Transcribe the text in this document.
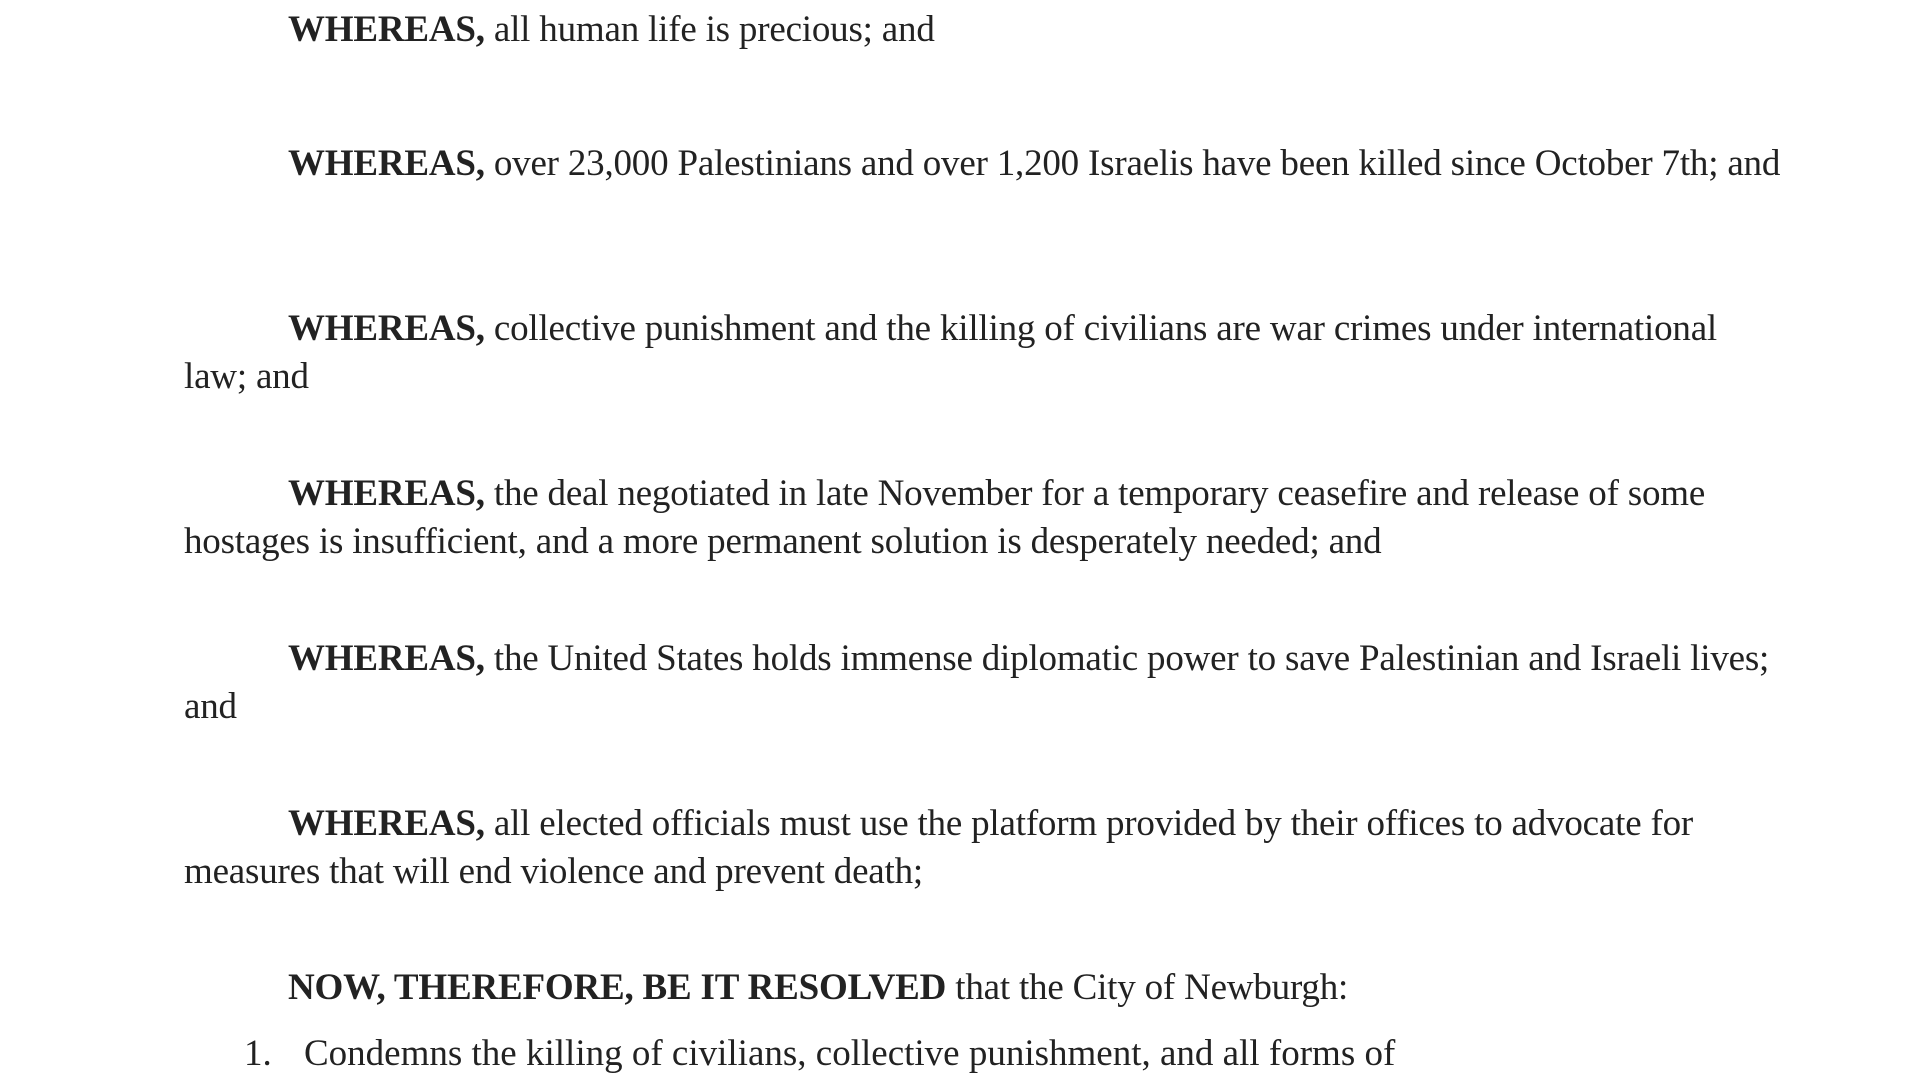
WHEREAS, all human life is precious; and

WHEREAS, over 23,000 Palestinians and over 1,200 Israelis have been killed since October 7th; and

WHEREAS, collective punishment and the killing of civilians are war crimes under international law; and

WHEREAS, the deal negotiated in late November for a temporary ceasefire and release of some hostages is insufficient, and a more permanent solution is desperately needed; and

WHEREAS, the United States holds immense diplomatic power to save Palestinian and Israeli lives; and

WHEREAS, all elected officials must use the platform provided by their offices to advocate for measures that will end violence and prevent death;

NOW, THEREFORE, BE IT RESOLVED that the City of Newburgh:

1. Condemns the killing of civilians, collective punishment, and all forms of
